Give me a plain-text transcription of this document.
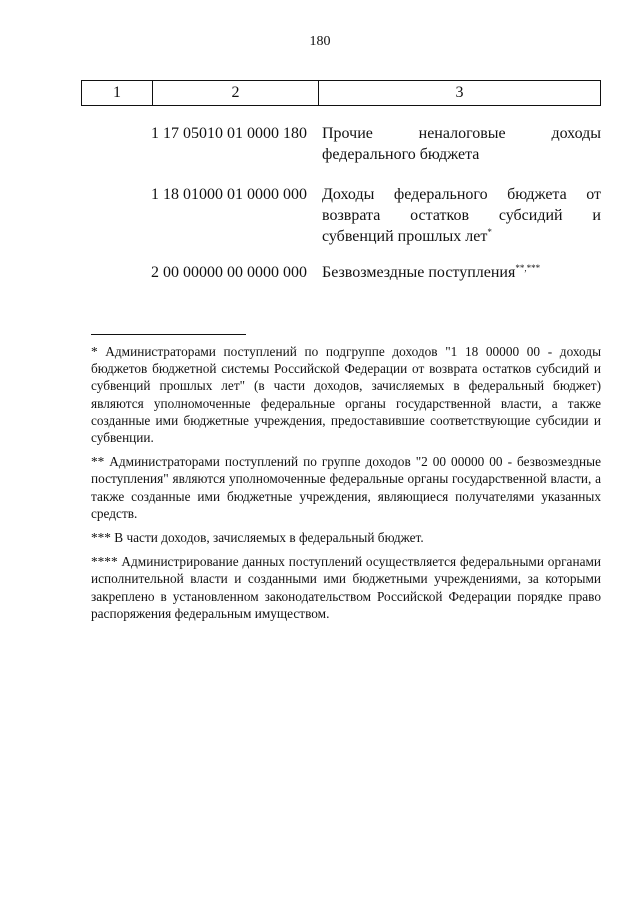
180
1	2	3
1 17 05010 01 0000 180 Прочие неналоговые доходы
федерального бюджета
1 18 01000 01 0000 000 Доходы федерального бюджета от
возврата остатков субсидий и
субвенций прошлых лет*
2 00 00000 00 0000 000 Безвозмездные поступления**,***

* Администраторами поступлений по подгруппе доходов "1 18 00000 00 - доходы бюджетов бюджетной системы Российской Федерации от возврата остатков субсидий и субвенций прошлых лет" (в части доходов, зачисляемых в федеральный бюджет) являются уполномоченные федеральные органы государственной власти, а также созданные ими бюджетные учреждения, предоставившие соответствующие субсидии и субвенции.

** Администраторами поступлений по группе доходов "2 00 00000 00 - безвозмездные поступления" являются уполномоченные федеральные органы государственной власти, а также созданные ими бюджетные учреждения, являющиеся получателями указанных средств.

*** В части доходов, зачисляемых в федеральный бюджет.

**** Администрирование данных поступлений осуществляется федеральными органами исполнительной власти и созданными ими бюджетными учреждениями, за которыми закреплено в установленном законодательством Российской Федерации порядке право распоряжения федеральным имуществом.
